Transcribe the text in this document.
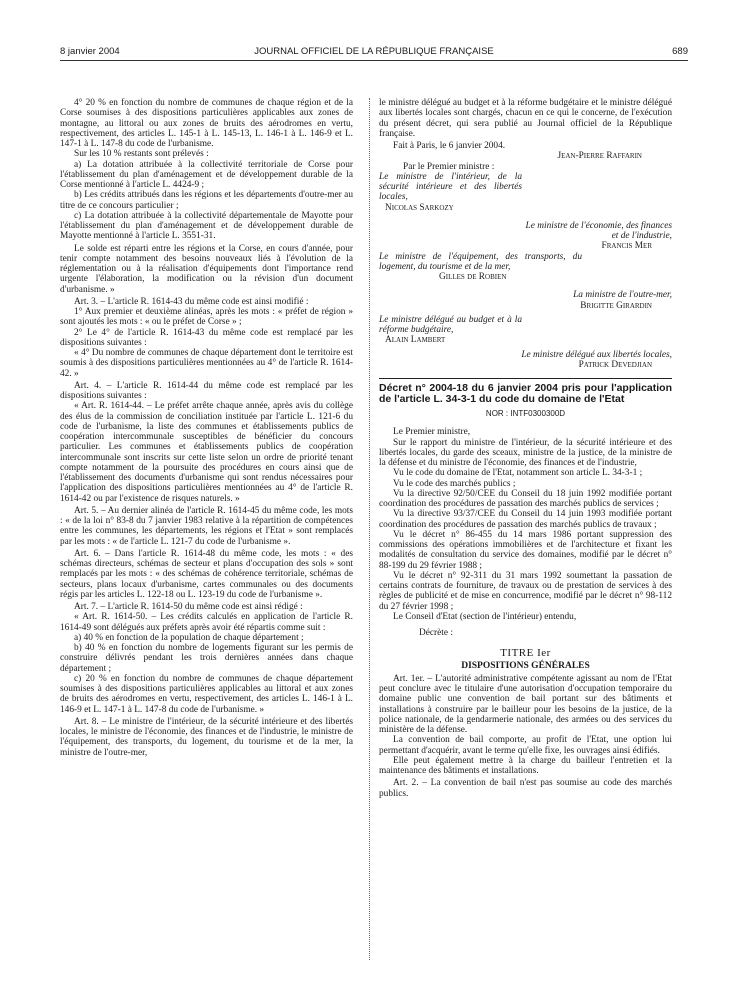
8 janvier 2004	JOURNAL OFFICIEL DE LA RÉPUBLIQUE FRANÇAISE	689

4° 20 % en fonction du nombre de communes de chaque région et de la Corse soumises à des dispositions particulières applicables aux zones de montagne, au littoral ou aux zones de bruits des aérodromes en vertu, respectivement, des articles L. 145-1 à L. 145-13, L. 146-1 à L. 146-9 et L. 147-1 à L. 147-8 du code de l'urbanisme.

Sur les 10 % restants sont prélevés :

a) La dotation attribuée à la collectivité territoriale de Corse pour l'établissement du plan d'aménagement et de développement durable de la Corse mentionné à l'article L. 4424-9 ;

b) Les crédits attribués dans les régions et les départements d'outre-mer au titre de ce concours particulier ;

c) La dotation attribuée à la collectivité départementale de Mayotte pour l'établissement du plan d'aménagement et de développement durable de Mayotte mentionné à l'article L. 3551-31.

Le solde est réparti entre les régions et la Corse, en cours d'année, pour tenir compte notamment des besoins nouveaux liés à l'évolution de la réglementation ou à la réalisation d'équipements dont l'importance rend urgente l'élaboration, la modification ou la révision d'un document d'urbanisme. »

Art. 3. – L'article R. 1614-43 du même code est ainsi modifié :

1° Aux premier et deuxième alinéas, après les mots : « préfet de région » sont ajoutés les mots : « ou le préfet de Corse » ;

2° Le 4° de l'article R. 1614-43 du même code est remplacé par les dispositions suivantes :

« 4° Du nombre de communes de chaque département dont le territoire est soumis à des dispositions particulières mentionnées au 4° de l'article R. 1614-42. »

Art. 4. – L'article R. 1614-44 du même code est remplacé par les dispositions suivantes :

« Art. R. 1614-44. – Le préfet arrête chaque année, après avis du collège des élus de la commission de conciliation instituée par l'article L. 121-6 du code de l'urbanisme, la liste des communes et établissements publics de coopération intercommunale susceptibles de bénéficier du concours particulier. Les communes et établissements publics de coopération intercommunale sont inscrits sur cette liste selon un ordre de priorité tenant compte notamment de la poursuite des procédures en cours ainsi que de l'établissement des documents d'urbanisme qui sont rendus nécessaires pour l'application des dispositions particulières mentionnées au 4° de l'article R. 1614-42 ou par l'existence de risques naturels. »

Art. 5. – Au dernier alinéa de l'article R. 1614-45 du même code, les mots : « de la loi n° 83-8 du 7 janvier 1983 relative à la répartition de compétences entre les communes, les départements, les régions et l'Etat » sont remplacés par les mots : « de l'article L. 121-7 du code de l'urbanisme ».

Art. 6. – Dans l'article R. 1614-48 du même code, les mots : « des schémas directeurs, schémas de secteur et plans d'occupation des sols » sont remplacés par les mots : « des schémas de cohérence territoriale, schémas de secteurs, plans locaux d'urbanisme, cartes communales ou des documents régis par les articles L. 122-18 ou L. 123-19 du code de l'urbanisme ».

Art. 7. – L'article R. 1614-50 du même code est ainsi rédigé :

« Art. R. 1614-50. – Les crédits calculés en application de l'article R. 1614-49 sont délégués aux préfets après avoir été répartis comme suit :

a) 40 % en fonction de la population de chaque département ;

b) 40 % en fonction du nombre de logements figurant sur les permis de construire délivrés pendant les trois dernières années dans chaque département ;

c) 20 % en fonction du nombre de communes de chaque département soumises à des dispositions particulières applicables au littoral et aux zones de bruits des aérodromes en vertu, respectivement, des articles L. 146-1 à L. 146-9 et L. 147-1 à L. 147-8 du code de l'urbanisme. »

Art. 8. – Le ministre de l'intérieur, de la sécurité intérieure et des libertés locales, le ministre de l'économie, des finances et de l'industrie, le ministre de l'équipement, des transports, du logement, du tourisme et de la mer, la ministre de l'outre-mer,

le ministre délégué au budget et à la réforme budgétaire et le ministre délégué aux libertés locales sont chargés, chacun en ce qui le concerne, de l'exécution du présent décret, qui sera publié au Journal officiel de la République française.

Fait à Paris, le 6 janvier 2004.

Jean-Pierre Raffarin

Par le Premier ministre :

Le ministre de l'intérieur, de la sécurité intérieure et des libertés locales,

Nicolas Sarkozy

Le ministre de l'économie, des finances et de l'industrie,

Francis Mer

Le ministre de l'équipement, des transports, du logement, du tourisme et de la mer,

Gilles de Robien

La ministre de l'outre-mer,

Brigitte Girardin

Le ministre délégué au budget et à la réforme budgétaire,

Alain Lambert

Le ministre délégué aux libertés locales,

Patrick Devedjian

Décret n° 2004-18 du 6 janvier 2004 pris pour l'application de l'article L. 34-3-1 du code du domaine de l'Etat

NOR : INTF0300300D

Le Premier ministre,

Sur le rapport du ministre de l'intérieur, de la sécurité intérieure et des libertés locales, du garde des sceaux, ministre de la justice, de la ministre de la défense et du ministre de l'économie, des finances et de l'industrie,

Vu le code du domaine de l'Etat, notamment son article L. 34-3-1 ;

Vu le code des marchés publics ;

Vu la directive 92/50/CEE du Conseil du 18 juin 1992 modifiée portant coordination des procédures de passation des marchés publics de services ;

Vu la directive 93/37/CEE du Conseil du 14 juin 1993 modifiée portant coordination des procédures de passation des marchés publics de travaux ;

Vu le décret n° 86-455 du 14 mars 1986 portant suppression des commissions des opérations immobilières et de l'architecture et fixant les modalités de consultation du service des domaines, modifié par le décret n° 88-199 du 29 février 1988 ;

Vu le décret n° 92-311 du 31 mars 1992 soumettant la passation de certains contrats de fourniture, de travaux ou de prestation de services à des règles de publicité et de mise en concurrence, modifié par le décret n° 98-112 du 27 février 1998 ;

Le Conseil d'Etat (section de l'intérieur) entendu,

Décrète :

TITRE Ier

DISPOSITIONS GÉNÉRALES

Art. 1er. – L'autorité administrative compétente agissant au nom de l'Etat peut conclure avec le titulaire d'une autorisation d'occupation temporaire du domaine public une convention de bail portant sur des bâtiments et installations à construire par le bailleur pour les besoins de la justice, de la police nationale, de la gendarmerie nationale, des armées ou des services du ministère de la défense.

La convention de bail comporte, au profit de l'Etat, une option lui permettant d'acquérir, avant le terme qu'elle fixe, les ouvrages ainsi édifiés.

Elle peut également mettre à la charge du bailleur l'entretien et la maintenance des bâtiments et installations.

Art. 2. – La convention de bail n'est pas soumise au code des marchés publics.
